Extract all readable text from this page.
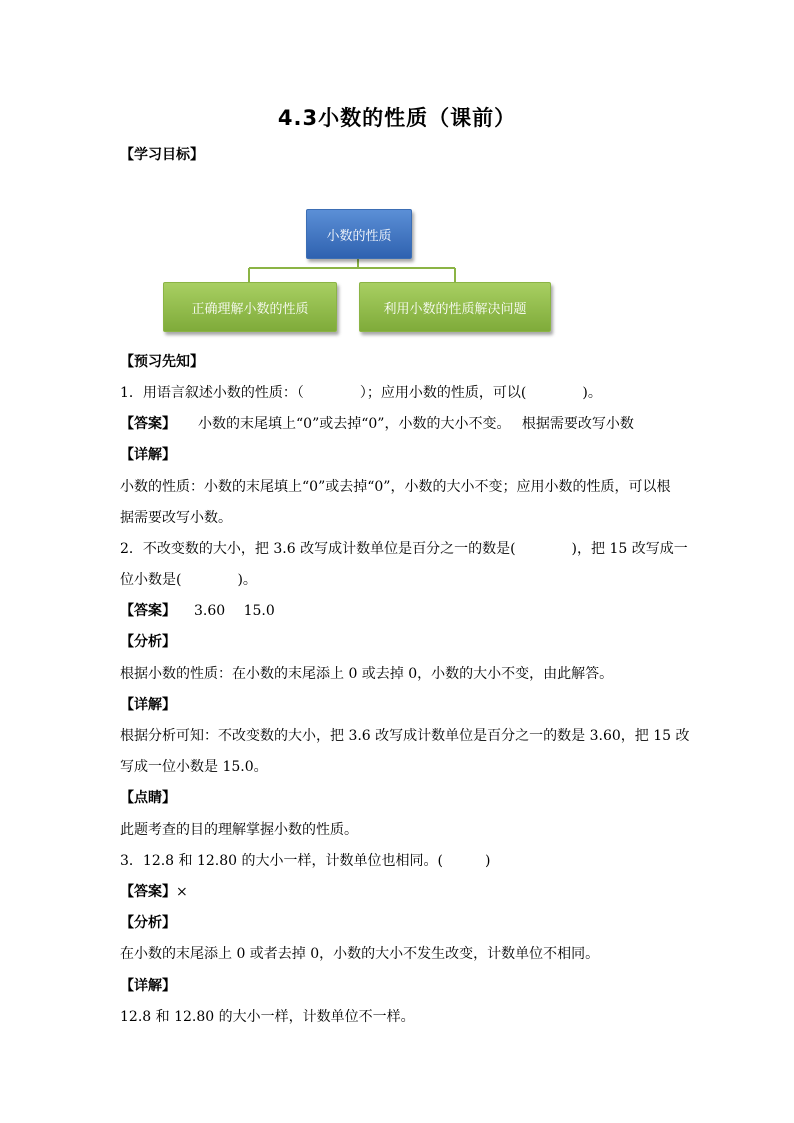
4.3小数的性质（课前）
【学习目标】
小数的性质
正确理解小数的性质	利用小数的性质解决问题
【预习先知】
1．用语言叙述小数的性质：（　　　　）；应用小数的性质，可以(　　　　)。
【答案】 小数的末尾填上“0”或去掉“0”，小数的大小不变。　 根据需要改写小数
【详解】
小数的性质：小数的末尾填上“0”或去掉“0”，小数的大小不变；应用小数的性质，可以根
据需要改写小数。
2．不改变数的大小，把 3.6 改写成计数单位是百分之一的数是(　　　　)，把 15 改写成一
位小数是(　　　　)。
【答案】 3.60　 15.0
【分析】
根据小数的性质：在小数的末尾添上 0 或去掉 0，小数的大小不变，由此解答。
【详解】
根据分析可知：不改变数的大小，把 3.6 改写成计数单位是百分之一的数是 3.60，把 15 改
写成一位小数是 15.0。
【点睛】
此题考查的目的理解掌握小数的性质。
3．12.8 和 12.80 的大小一样，计数单位也相同。(　　　)
【答案】×
【分析】
在小数的末尾添上 0 或者去掉 0，小数的大小不发生改变，计数单位不相同。
【详解】
12.8 和 12.80 的大小一样，计数单位不一样。
